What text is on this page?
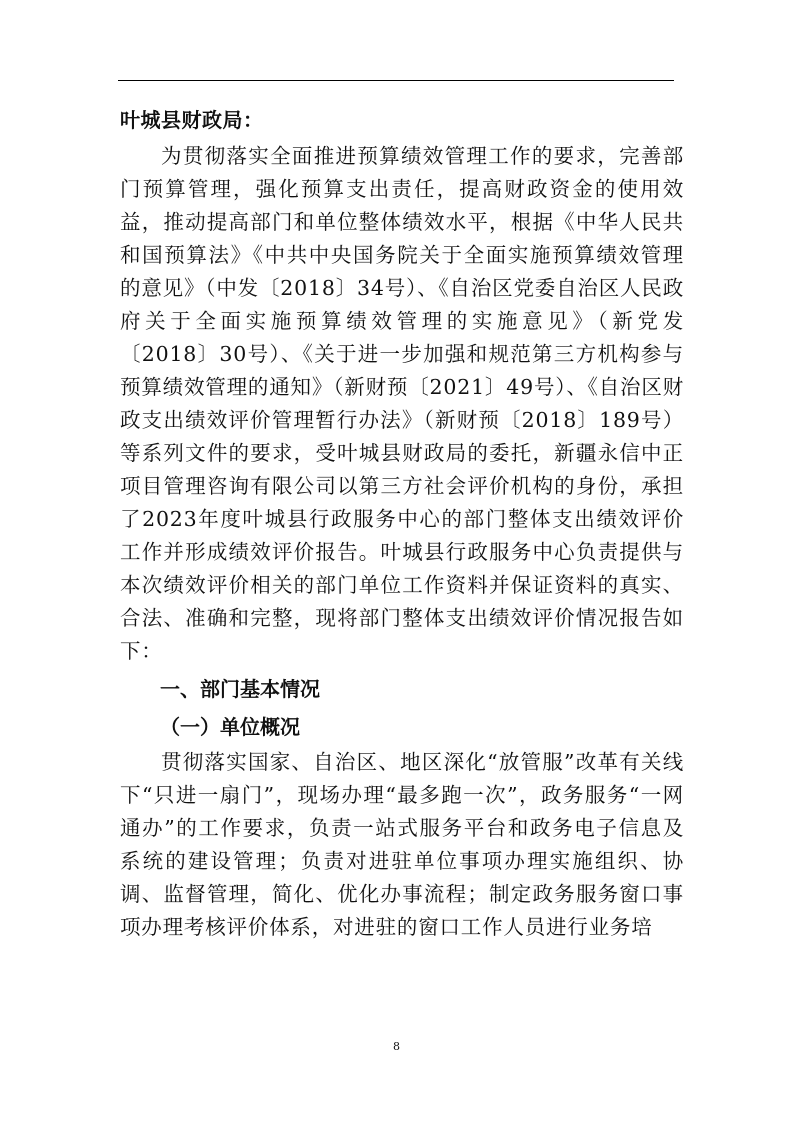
叶城县财政局：

为贯彻落实全面推进预算绩效管理工作的要求，完善部门预算管理，强化预算支出责任，提高财政资金的使用效益，推动提高部门和单位整体绩效水平，根据《中华人民共和国预算法》《中共中央国务院关于全面实施预算绩效管理的意见》（中发〔2018〕34号）、《自治区党委自治区人民政府关于全面实施预算绩效管理的实施意见》（新党发〔2018〕30号）、《关于进一步加强和规范第三方机构参与预算绩效管理的通知》（新财预〔2021〕49号）、《自治区财政支出绩效评价管理暂行办法》（新财预〔2018〕189号）等系列文件的要求，受叶城县财政局的委托，新疆永信中正项目管理咨询有限公司以第三方社会评价机构的身份，承担了2023年度叶城县行政服务中心的部门整体支出绩效评价工作并形成绩效评价报告。叶城县行政服务中心负责提供与本次绩效评价相关的部门单位工作资料并保证资料的真实、合法、准确和完整，现将部门整体支出绩效评价情况报告如下：

一、部门基本情况

（一）单位概况

贯彻落实国家、自治区、地区深化“放管服”改革有关线下“只进一扇门”，现场办理“最多跑一次”，政务服务“一网通办”的工作要求，负责一站式服务平台和政务电子信息及系统的建设管理；负责对进驻单位事项办理实施组织、协调、监督管理，简化、优化办事流程；制定政务服务窗口事项办理考核评价体系，对进驻的窗口工作人员进行业务培

8
